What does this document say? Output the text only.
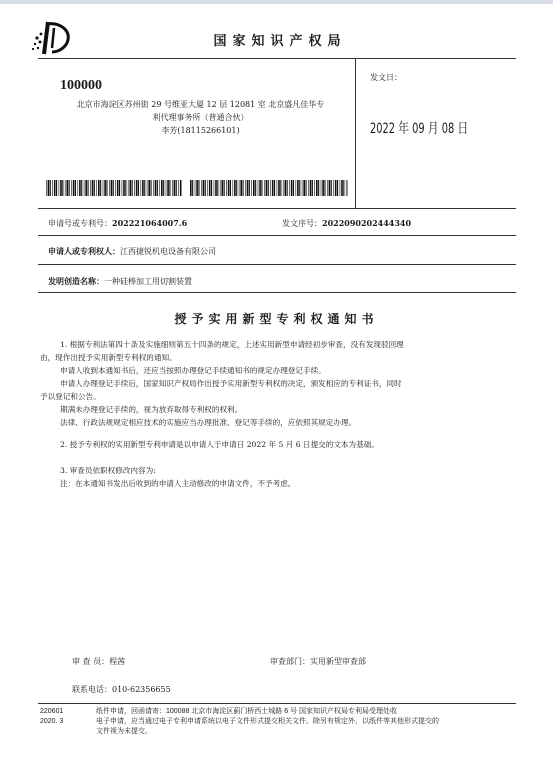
国家知识产权局
100000
北京市海淀区苏州街 29 号维亚大厦 12 层 12081 室 北京盛凡佳华专
利代理事务所（普通合伙）
李芳(18115266101)
发文日：
2022 年 09 月 08 日
申请号或专利号：202221064007.6	发文序号：2022090202444340
申请人或专利权人：江西捷锐机电设备有限公司
发明创造名称：一种硅棒加工用切割装置
授予实用新型专利权通知书

1. 根据专利法第四十条及实施细则第五十四条的规定，上述实用新型申请经初步审查，没有发现驳回理

由，现作出授予实用新型专利权的通知。

申请人收到本通知书后，还应当按照办理登记手续通知书的规定办理登记手续。

申请人办理登记手续后，国家知识产权局作出授予实用新型专利权的决定，颁发相应的专利证书，同时

予以登记和公告。

期满未办理登记手续的，视为放弃取得专利权的权利。

法律、行政法规规定相应技术的实施应当办理批准、登记等手续的，应依照其规定办理。

2. 授予专利权的实用新型专利申请是以申请人于申请日 2022 年 5 月 6 日提交的文本为基础。

3. 审查员依职权修改内容为:

注：在本通知书发出后收到的申请人主动修改的申请文件，不予考虑。

审 查 员：程茜	审查部门：实用新型审查部
联系电话：010-62356655
220601
2020. 3
纸件申请，回函请寄：100088 北京市海淀区蓟门桥西土城路 6 号 国家知识产权局专利局受理处收
电子申请，应当通过电子专利申请系统以电子文件形式提交相关文件。除另有规定外，以纸件等其他形式提交的
文件视为未提交。
